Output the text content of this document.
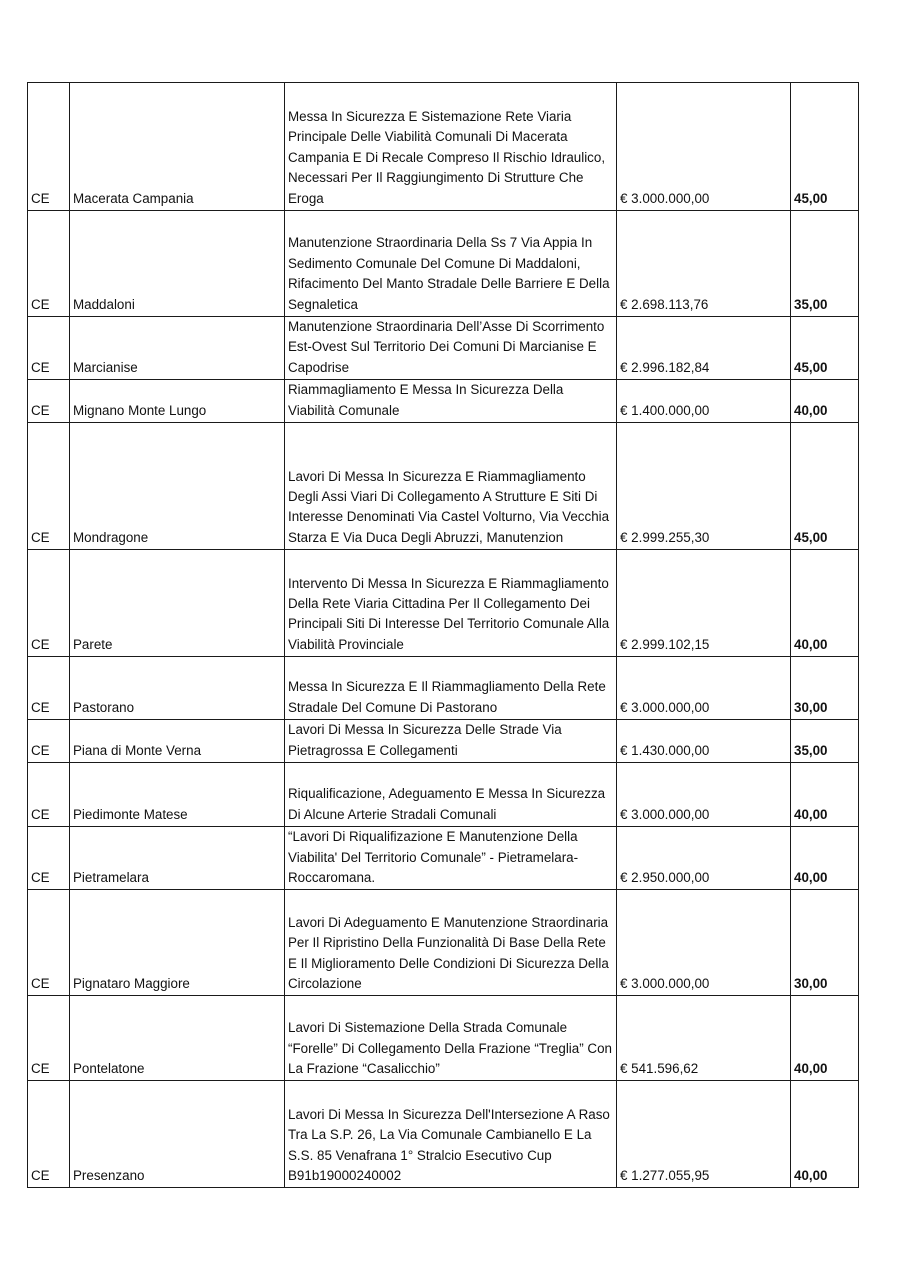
CE	Macerata Campania	Messa In Sicurezza E Sistemazione Rete Viaria Principale Delle Viabilità Comunali Di Macerata Campania E Di Recale Compreso Il Rischio Idraulico, Necessari Per Il Raggiungimento Di Strutture Che Eroga	€ 3.000.000,00	45,00
CE	Maddaloni	Manutenzione Straordinaria Della Ss 7 Via Appia In Sedimento Comunale Del Comune Di Maddaloni, Rifacimento Del Manto Stradale Delle Barriere E Della Segnaletica	€ 2.698.113,76	35,00
CE	Marcianise	Manutenzione Straordinaria Dell’Asse Di Scorrimento Est-Ovest Sul Territorio Dei Comuni Di Marcianise E Capodrise	€ 2.996.182,84	45,00
CE	Mignano Monte Lungo	Riammagliamento E Messa In Sicurezza Della Viabilità Comunale	€ 1.400.000,00	40,00
CE	Mondragone	Lavori Di Messa In Sicurezza E Riammagliamento Degli Assi Viari Di Collegamento A Strutture E Siti Di Interesse Denominati Via Castel Volturno, Via Vecchia Starza E Via Duca Degli Abruzzi, Manutenzion	€ 2.999.255,30	45,00
CE	Parete	Intervento Di Messa In Sicurezza E Riammagliamento Della Rete Viaria Cittadina Per Il Collegamento Dei Principali Siti Di Interesse Del Territorio Comunale Alla Viabilità Provinciale	€ 2.999.102,15	40,00
CE	Pastorano	Messa In Sicurezza E Il Riammagliamento Della Rete Stradale Del Comune Di Pastorano	€ 3.000.000,00	30,00
CE	Piana di Monte Verna	Lavori Di Messa In Sicurezza Delle Strade Via Pietragrossa E Collegamenti	€ 1.430.000,00	35,00
CE	Piedimonte Matese	Riqualificazione, Adeguamento E Messa In Sicurezza Di Alcune Arterie Stradali Comunali	€ 3.000.000,00	40,00
CE	Pietramelara	“Lavori Di Riqualifizazione E Manutenzione Della Viabilita' Del Territorio Comunale” - Pietramelara-Roccaromana.	€ 2.950.000,00	40,00
CE	Pignataro Maggiore	Lavori Di Adeguamento E Manutenzione Straordinaria Per Il Ripristino Della Funzionalità Di Base Della Rete E Il Miglioramento Delle Condizioni Di Sicurezza Della Circolazione	€ 3.000.000,00	30,00
CE	Pontelatone	Lavori Di Sistemazione Della Strada Comunale “Forelle” Di Collegamento Della Frazione “Treglia” Con La Frazione “Casalicchio”	€ 541.596,62	40,00
CE	Presenzano	Lavori Di Messa In Sicurezza Dell'Intersezione A Raso Tra La S.P. 26, La Via Comunale Cambianello E La S.S. 85 Venafrana 1° Stralcio Esecutivo Cup B91b19000240002	€ 1.277.055,95	40,00
